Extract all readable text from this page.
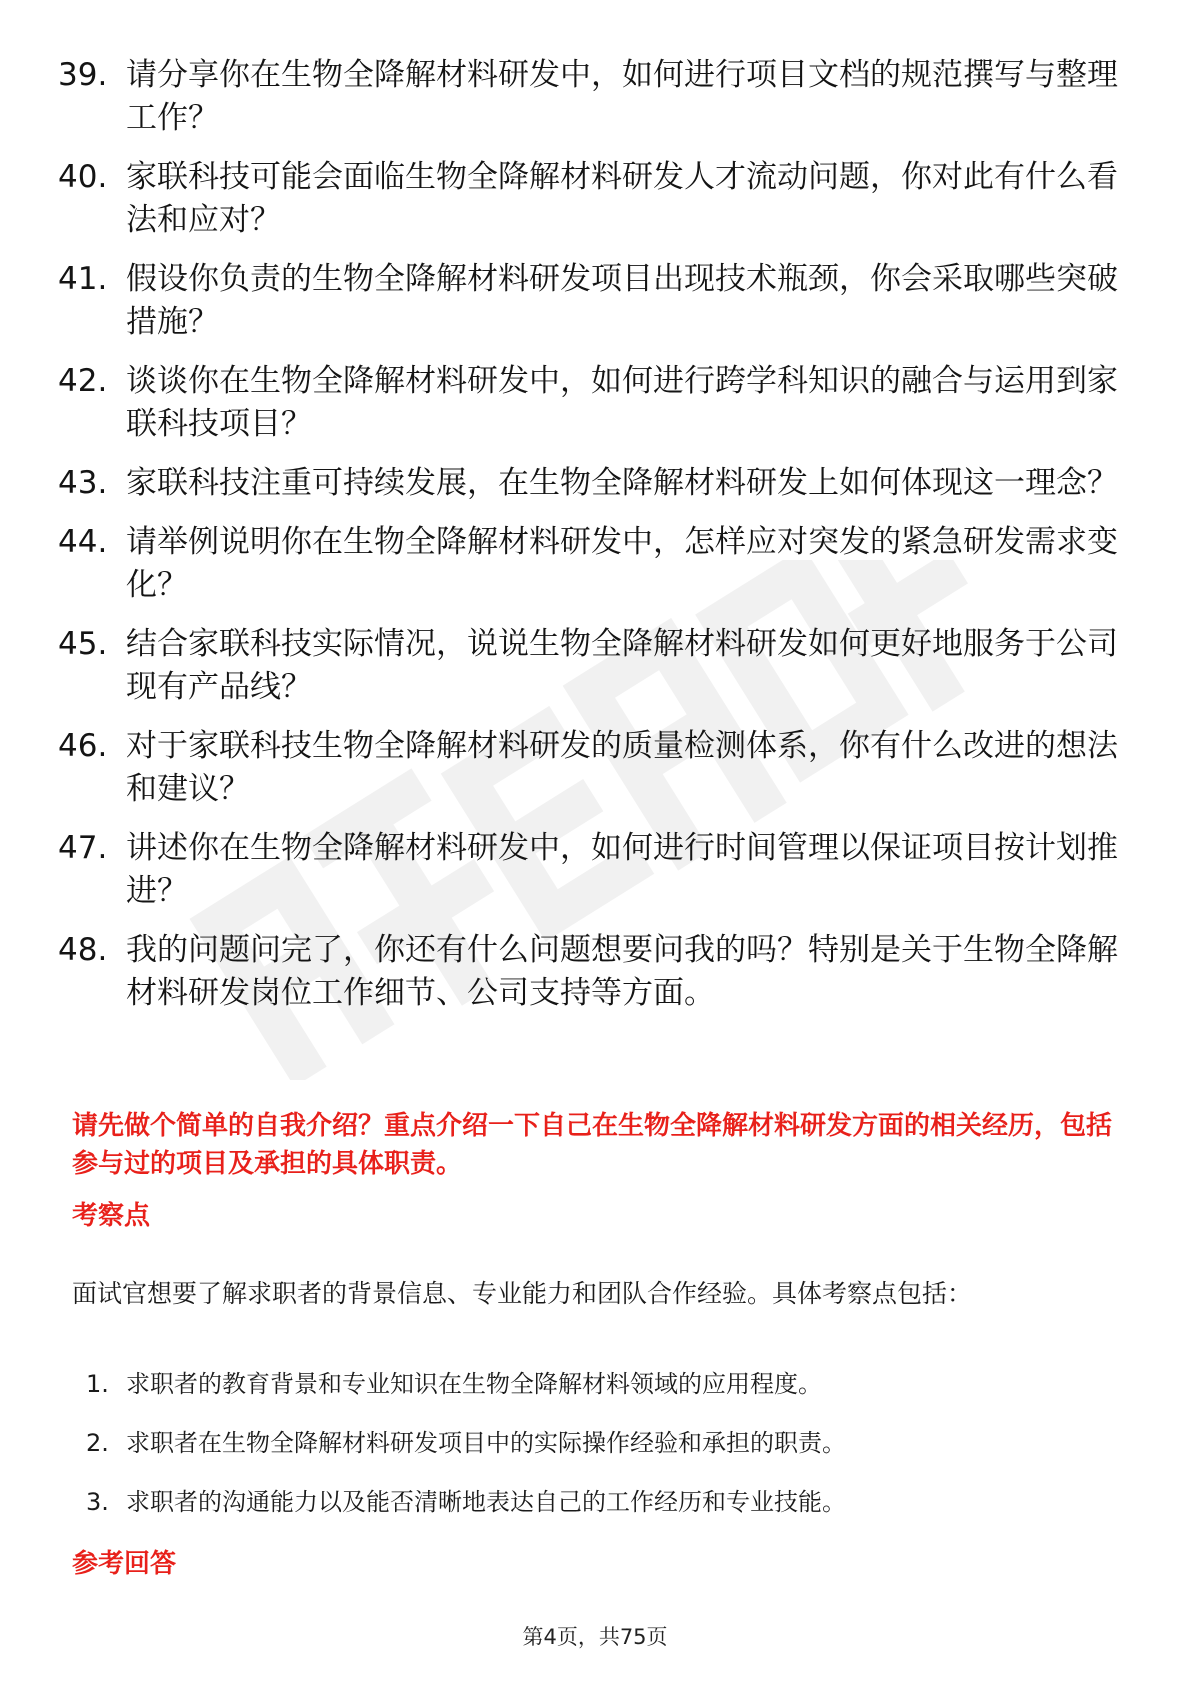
39. 请分享你在生物全降解材料研发中，如何进行项目文档的规范撰写与整理工作？
40. 家联科技可能会面临生物全降解材料研发人才流动问题，你对此有什么看法和应对？
41. 假设你负责的生物全降解材料研发项目出现技术瓶颈，你会采取哪些突破措施？
42. 谈谈你在生物全降解材料研发中，如何进行跨学科知识的融合与运用到家联科技项目？
43. 家联科技注重可持续发展，在生物全降解材料研发上如何体现这一理念？
44. 请举例说明你在生物全降解材料研发中，怎样应对突发的紧急研发需求变化？
45. 结合家联科技实际情况，说说生物全降解材料研发如何更好地服务于公司现有产品线？
46. 对于家联科技生物全降解材料研发的质量检测体系，你有什么改进的想法和建议？
47. 讲述你在生物全降解材料研发中，如何进行时间管理以保证项目按计划推进？
48. 我的问题问完了，你还有什么问题想要问我的吗？特别是关于生物全降解材料研发岗位工作细节、公司支持等方面。
请先做个简单的自我介绍？重点介绍一下自己在生物全降解材料研发方面的相关经历，包括参与过的项目及承担的具体职责。
考察点
面试官想要了解求职者的背景信息、专业能力和团队合作经验。具体考察点包括：
1. 求职者的教育背景和专业知识在生物全降解材料领域的应用程度。
2. 求职者在生物全降解材料研发项目中的实际操作经验和承担的职责。
3. 求职者的沟通能力以及能否清晰地表达自己的工作经历和专业技能。
参考回答
第4页，共75页
